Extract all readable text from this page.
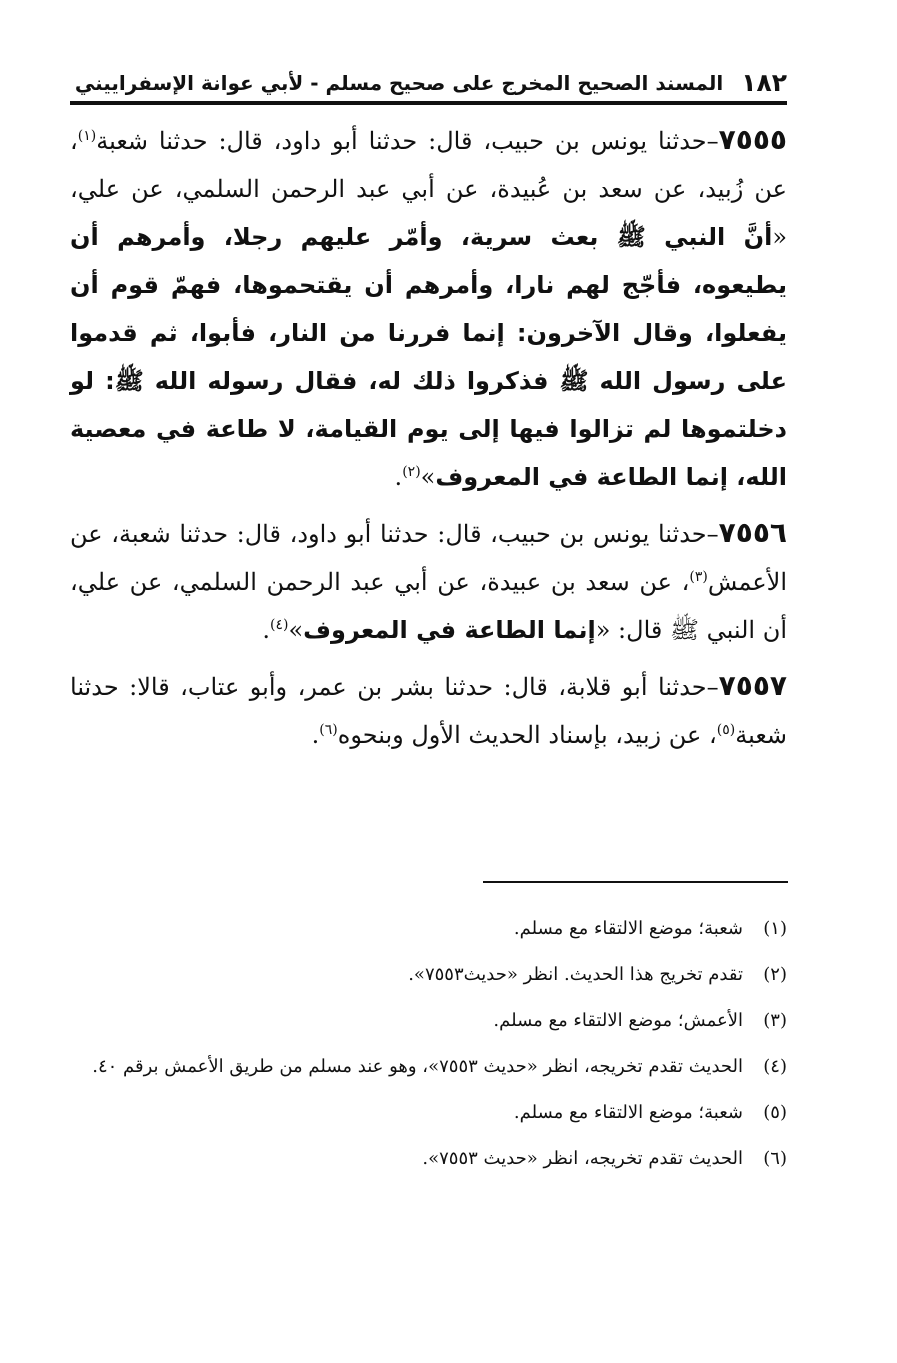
١٨٢
المسند الصحيح المخرج على صحيح مسلم - لأبي عوانة الإسفراييني

٧٥٥٥–حدثنا يونس بن حبيب، قال: حدثنا أبو داود، قال: حدثنا شعبة$^{(١)}$، عن زُبيد، عن سعد بن عُبيدة، عن أبي عبد الرحمن السلمي، عن علي، «أنَّ النبي ﷺ بعث سرية، وأمّر عليهم رجلا، وأمرهم أن يطيعوه، فأجّج لهم نارا، وأمرهم أن يقتحموها، فهمّ قوم أن يفعلوا، وقال الآخرون: إنما فررنا من النار، فأبوا، ثم قدموا على رسول الله ﷺ فذكروا ذلك له، فقال رسوله الله ﷺ: لو دخلتموها لم تزالوا فيها إلى يوم القيامة، لا طاعة في معصية الله، إنما الطاعة في المعروف»$^{(٢)}$.

٧٥٥٦–حدثنا يونس بن حبيب، قال: حدثنا أبو داود، قال: حدثنا شعبة، عن الأعمش$^{(٣)}$، عن سعد بن عبيدة، عن أبي عبد الرحمن السلمي، عن علي، أن النبي ﷺ قال: «إنما الطاعة في المعروف»$^{(٤)}$.

٧٥٥٧–حدثنا أبو قلابة، قال: حدثنا بشر بن عمر، وأبو عتاب، قالا: حدثنا شعبة$^{(٥)}$، عن زبيد، بإسناد الحديث الأول وبنحوه$^{(٦)}$.

(١)شعبة؛ موضع الالتقاء مع مسلم.
(٢)تقدم تخريج هذا الحديث. انظر «حديث٧٥٥٣».
(٣)الأعمش؛ موضع الالتقاء مع مسلم.
(٤)الحديث تقدم تخريجه، انظر «حديث ٧٥٥٣»، وهو عند مسلم من طريق الأعمش برقم ٤٠.
(٥)شعبة؛ موضع الالتقاء مع مسلم.
(٦)الحديث تقدم تخريجه، انظر «حديث ٧٥٥٣».
